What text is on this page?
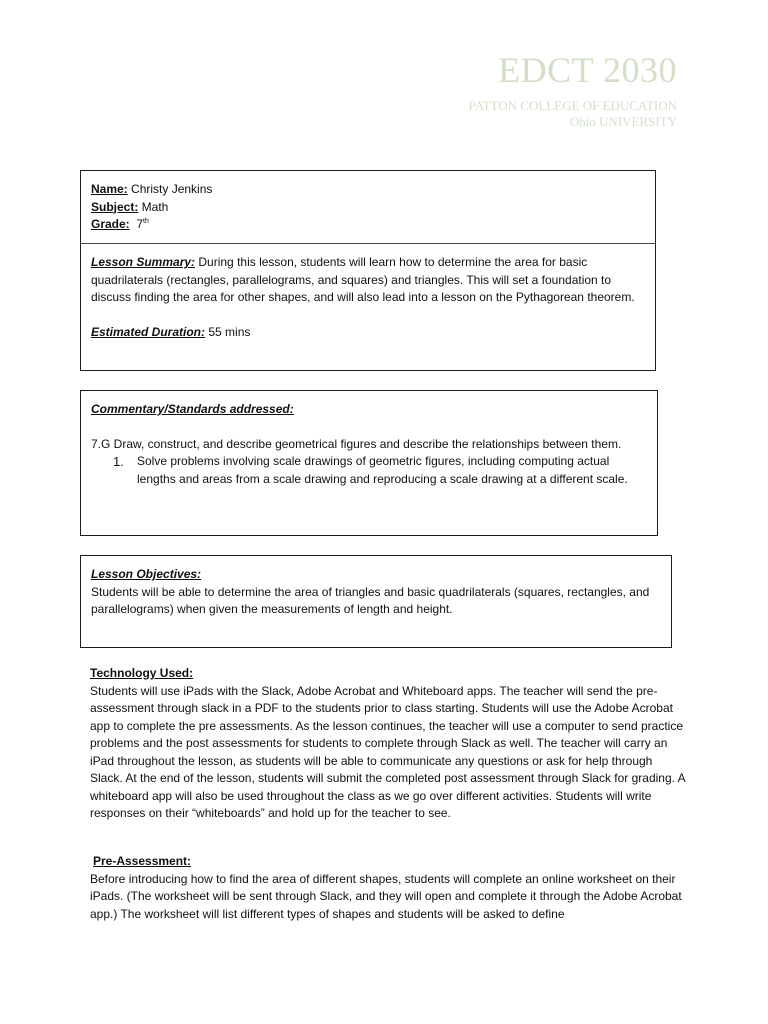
EDCT 2030
PATTON COLLEGE OF EDUCATION
Ohio UNIVERSITY

Name: Christy Jenkins

Subject: Math

Grade:  7th

Lesson Summary: During this lesson, students will learn how to determine the area for basic quadrilaterals (rectangles, parallelograms, and squares) and triangles. This will set a foundation to discuss finding the area for other shapes, and will also lead into a lesson on the Pythagorean theorem.

Estimated Duration: 55 mins

Commentary/Standards addressed:

7.G Draw, construct, and describe geometrical figures and describe the relationships between them.

1.	Solve problems involving scale drawings of geometric figures, including computing actual lengths and areas from a scale drawing and reproducing a scale drawing at a different scale.

Lesson Objectives:

Students will be able to determine the area of triangles and basic quadrilaterals (squares, rectangles, and parallelograms) when given the measurements of length and height.

Technology Used:

Students will use iPads with the Slack, Adobe Acrobat and Whiteboard apps. The teacher will send the pre-assessment through slack in a PDF to the students prior to class starting. Students will use the Adobe Acrobat app to complete the pre assessments. As the lesson continues, the teacher will use a computer to send practice problems and the post assessments for students to complete through Slack as well. The teacher will carry an iPad throughout the lesson, as students will be able to communicate any questions or ask for help through Slack. At the end of the lesson, students will submit the completed post assessment through Slack for grading. A whiteboard app will also be used throughout the class as we go over different activities. Students will write responses on their “whiteboards” and hold up for the teacher to see.

Pre-Assessment:

Before introducing how to find the area of different shapes, students will complete an online worksheet on their iPads. (The worksheet will be sent through Slack, and they will open and complete it through the Adobe Acrobat app.) The worksheet will list different types of shapes and students will be asked to define
